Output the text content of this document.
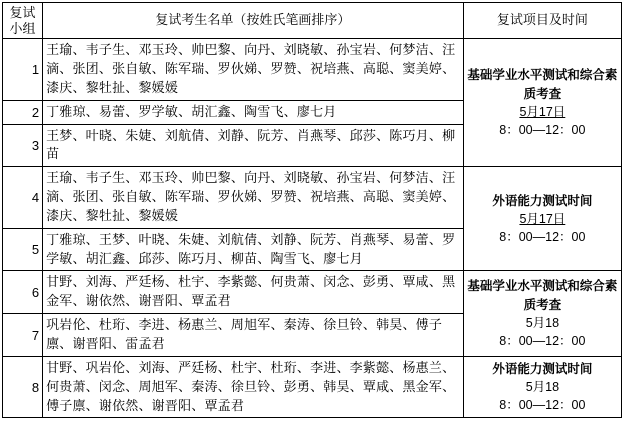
复试
小组	复试考生名单（按姓氏笔画排序）	复试项目及时间
1	王瑜、韦子生、邓玉玲、帅巴黎、向丹、刘晓敏、孙宝岩、何梦洁、汪滴、张团、张自敏、陈军瑞、罗伙娣、罗赞、祝培燕、高聪、窦美婷、漆庆、黎牡扯、黎媛媛	基础学业水平测试和综合素质考查
5月17日
8：00—12：00

2	丁雅琼、易蕾、罗学敏、胡汇鑫、陶雪飞、廖七月	
3	王梦、叶晓、朱婕、刘航倩、刘静、阮芳、肖燕琴、邱莎、陈巧月、柳苗	
4	王瑜、韦子生、邓玉玲、帅巴黎、向丹、刘晓敏、孙宝岩、何梦洁、汪滴、张团、张自敏、陈军瑞、罗伙娣、罗赞、祝培燕、高聪、窦美婷、漆庆、黎牡扯、黎媛媛	外语能力测试时间
5月17日
8：00—12：00

5	丁雅琼、王梦、叶晓、朱婕、刘航倩、刘静、阮芳、肖燕琴、易蕾、罗学敏、胡汇鑫、邱莎、陈巧月、柳苗、陶雪飞、廖七月	
6	甘野、刘海、严廷杨、杜宇、李紫懿、何贵萧、闵念、彭勇、覃咸、黑金军、谢依然、谢晋阳、覃孟君	基础学业水平测试和综合素质考查
5月18
8：00—12：00

7	巩岩伦、杜珩、李进、杨惠兰、周旭军、秦涛、徐旦铃、韩昊、傅子廪、谢晋阳、雷孟君	
8	甘野、巩岩伦、刘海、严廷杨、杜宇、杜珩、李进、李紫懿、杨惠兰、何贵萧、闵念、周旭军、秦涛、徐旦铃、彭勇、韩昊、覃咸、黑金军、傅子廪、谢依然、谢晋阳、覃孟君	外语能力测试时间
5月18
8：00—12：00
